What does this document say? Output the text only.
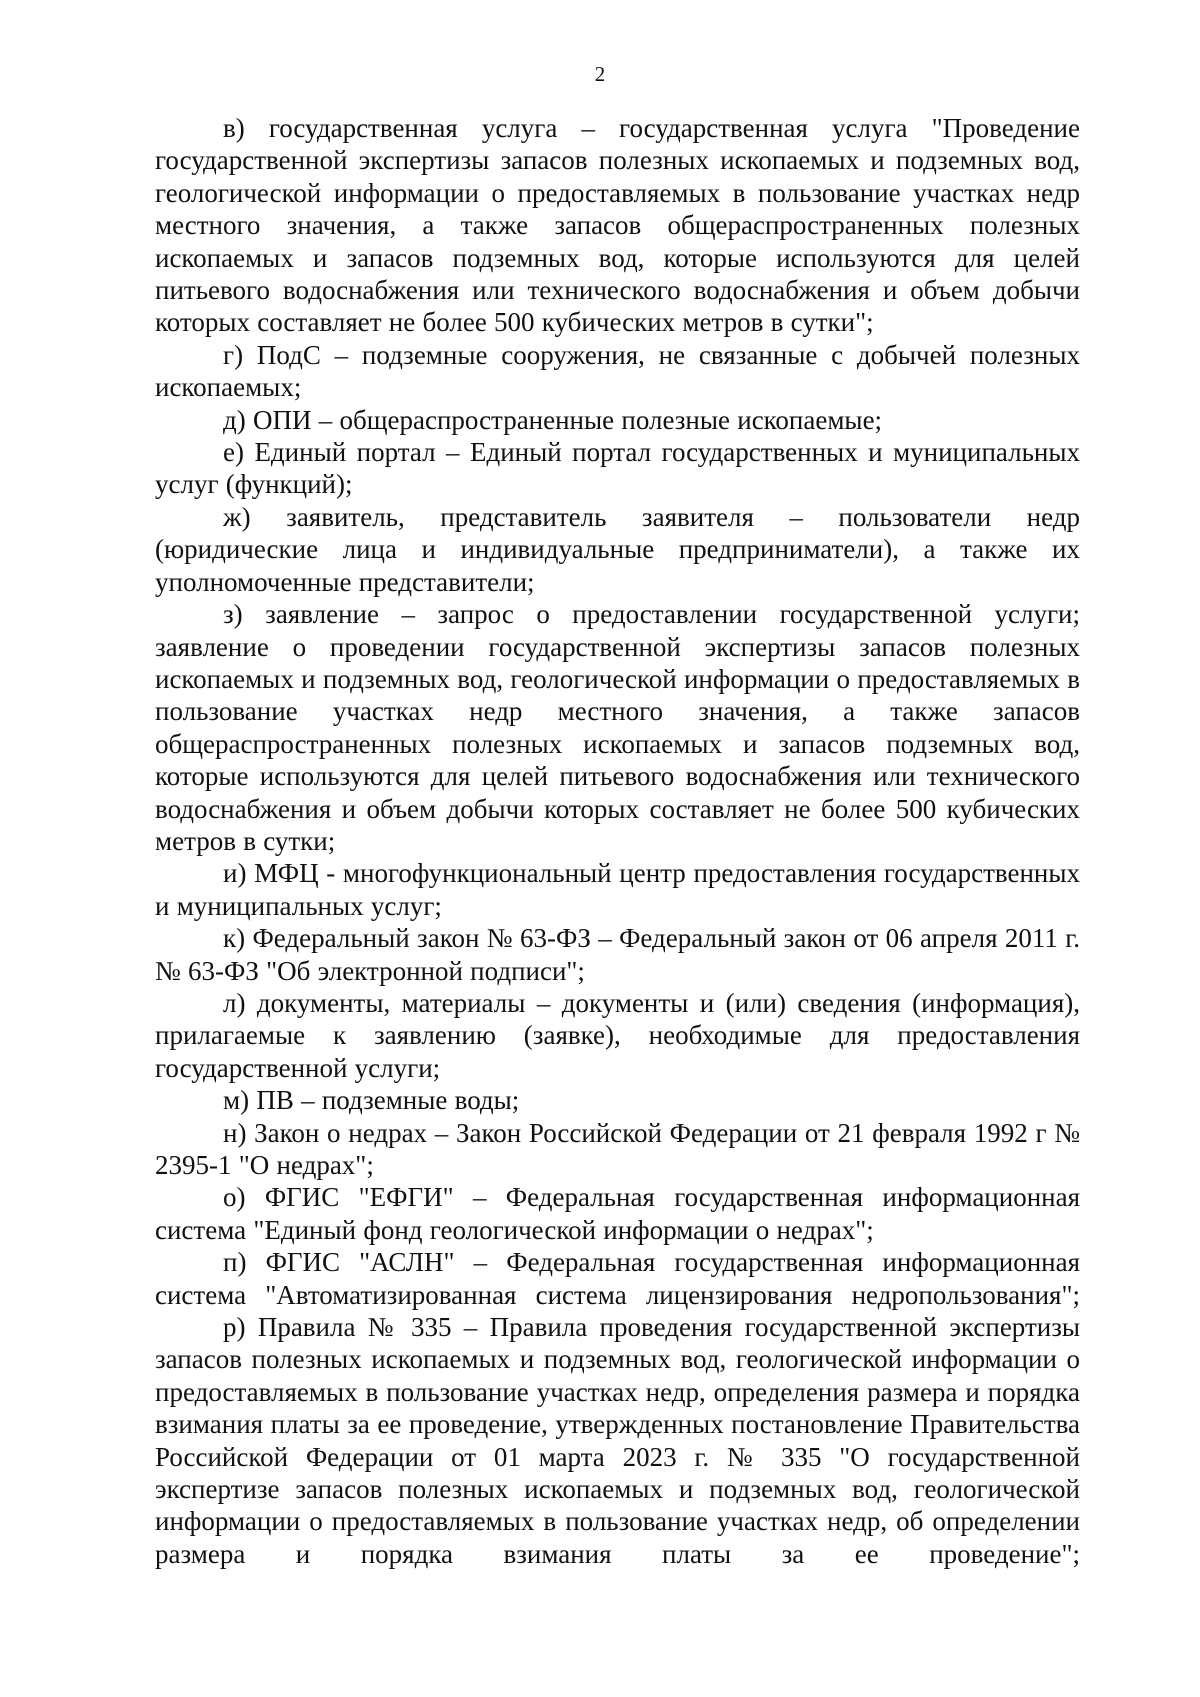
2

в) государственная услуга – государственная услуга "Проведение государственной экспертизы запасов полезных ископаемых и подземных вод, геологической информации о предоставляемых в пользование участках недр местного значения, а также запасов общераспространенных полезных ископаемых и запасов подземных вод, которые используются для целей питьевого водоснабжения или технического водоснабжения и объем добычи которых составляет не более 500 кубических метров в сутки";

г) ПодС – подземные сооружения, не связанные с добычей полезных ископаемых;

д) ОПИ – общераспространенные полезные ископаемые;

е) Единый портал – Единый портал государственных и муниципальных услуг (функций);

ж) заявитель, представитель заявителя – пользователи недр (юридические лица и индивидуальные предприниматели), а также их уполномоченные представители;

з) заявление – запрос о предоставлении государственной услуги; заявление о проведении государственной экспертизы запасов полезных ископаемых и подземных вод, геологической информации о предоставляемых в пользование участках недр местного значения, а также запасов общераспространенных полезных ископаемых и запасов подземных вод, которые используются для целей питьевого водоснабжения или технического водоснабжения и объем добычи которых составляет не более 500 кубических метров в сутки;

и) МФЦ - многофункциональный центр предоставления государственных и муниципальных услуг;

к) Федеральный закон № 63-ФЗ – Федеральный закон от 06 апреля 2011 г. № 63-ФЗ "Об электронной подписи";

л) документы, материалы – документы и (или) сведения (информация), прилагаемые к заявлению (заявке), необходимые для предоставления государственной услуги;

м) ПВ – подземные воды;

н) Закон о недрах – Закон Российской Федерации от 21 февраля 1992 г № 2395-1 "О недрах";

о) ФГИС "ЕФГИ" – Федеральная государственная информационная система "Единый фонд геологической информации о недрах";

п) ФГИС "АСЛН" – Федеральная государственная информационная система "Автоматизированная система лицензирования недропользования";

р) Правила № 335 – Правила проведения государственной экспертизы запасов полезных ископаемых и подземных вод, геологической информации о предоставляемых в пользование участках недр, определения размера и порядка взимания платы за ее проведение, утвержденных постановление Правительства Российской Федерации от 01 марта 2023 г. № 335 "О государственной экспертизе запасов полезных ископаемых и подземных вод, геологической информации о предоставляемых в пользование участках недр, об определении размера и порядка взимания платы за ее проведение";
